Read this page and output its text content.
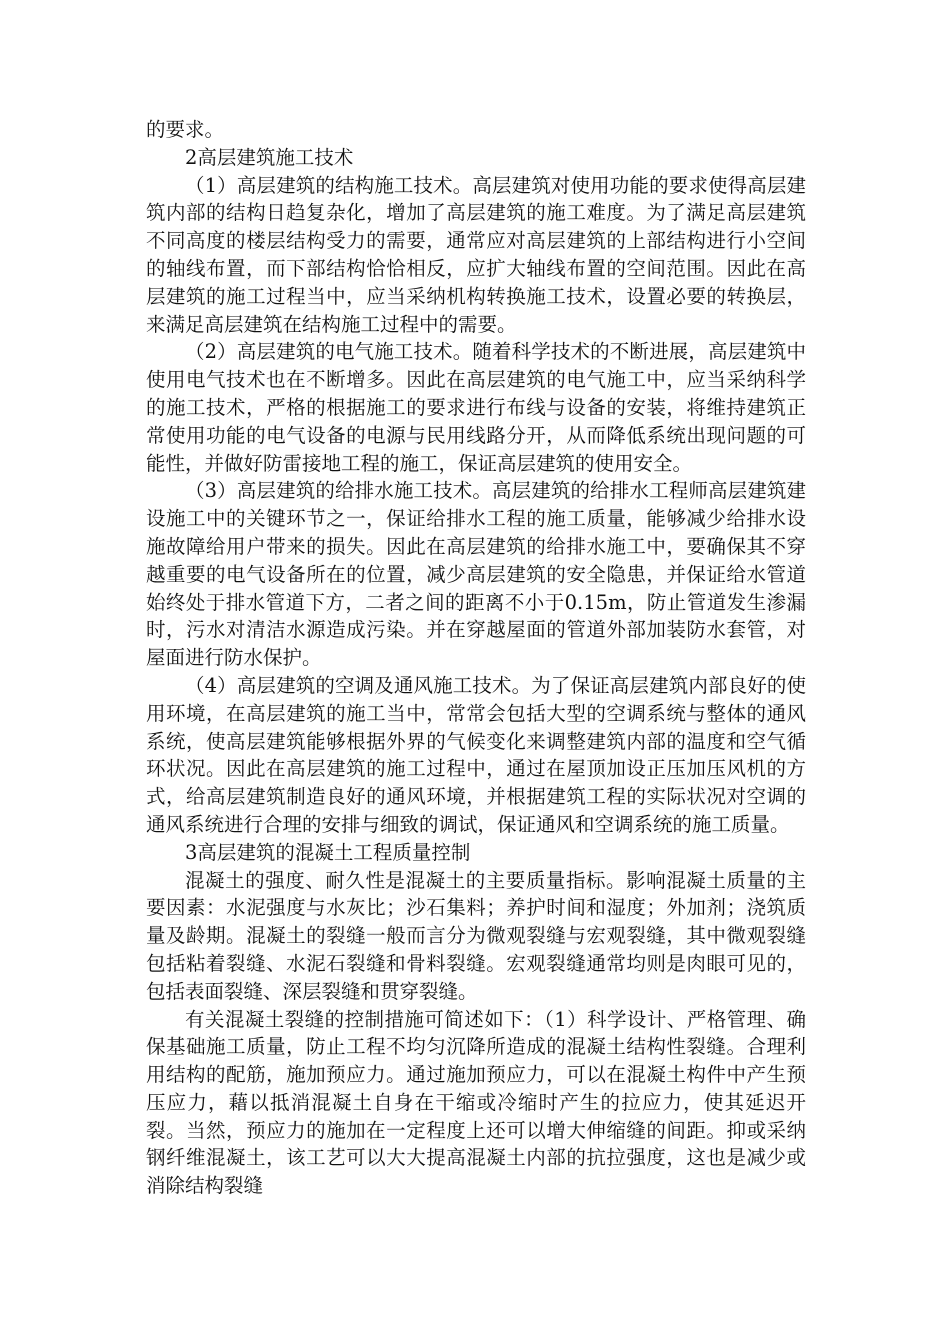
的要求。

2高层建筑施工技术

（1）高层建筑的结构施工技术。高层建筑对使用功能的要求使得高层建筑内部的结构日趋复杂化，增加了高层建筑的施工难度。为了满足高层建筑不同高度的楼层结构受力的需要，通常应对高层建筑的上部结构进行小空间的轴线布置，而下部结构恰恰相反，应扩大轴线布置的空间范围。因此在高层建筑的施工过程当中，应当采纳机构转换施工技术，设置必要的转换层，来满足高层建筑在结构施工过程中的需要。

（2）高层建筑的电气施工技术。随着科学技术的不断进展，高层建筑中使用电气技术也在不断增多。因此在高层建筑的电气施工中，应当采纳科学的施工技术，严格的根据施工的要求进行布线与设备的安装，将维持建筑正常使用功能的电气设备的电源与民用线路分开，从而降低系统出现问题的可能性，并做好防雷接地工程的施工，保证高层建筑的使用安全。

（3）高层建筑的给排水施工技术。高层建筑的给排水工程师高层建筑建设施工中的关键环节之一，保证给排水工程的施工质量，能够减少给排水设施故障给用户带来的损失。因此在高层建筑的给排水施工中，要确保其不穿越重要的电气设备所在的位置，减少高层建筑的安全隐患，并保证给水管道始终处于排水管道下方，二者之间的距离不小于0.15m，防止管道发生渗漏时，污水对清洁水源造成污染。并在穿越屋面的管道外部加装防水套管，对屋面进行防水保护。

（4）高层建筑的空调及通风施工技术。为了保证高层建筑内部良好的使用环境，在高层建筑的施工当中，常常会包括大型的空调系统与整体的通风系统，使高层建筑能够根据外界的气候变化来调整建筑内部的温度和空气循环状况。因此在高层建筑的施工过程中，通过在屋顶加设正压加压风机的方式，给高层建筑制造良好的通风环境，并根据建筑工程的实际状况对空调的通风系统进行合理的安排与细致的调试，保证通风和空调系统的施工质量。

3高层建筑的混凝土工程质量控制

混凝土的强度、耐久性是混凝土的主要质量指标。影响混凝土质量的主要因素：水泥强度与水灰比；沙石集料；养护时间和湿度；外加剂；浇筑质量及龄期。混凝土的裂缝一般而言分为微观裂缝与宏观裂缝，其中微观裂缝包括粘着裂缝、水泥石裂缝和骨料裂缝。宏观裂缝通常均则是肉眼可见的，包括表面裂缝、深层裂缝和贯穿裂缝。

有关混凝土裂缝的控制措施可简述如下：（1）科学设计、严格管理、确保基础施工质量，防止工程不均匀沉降所造成的混凝土结构性裂缝。合理利用结构的配筋，施加预应力。通过施加预应力，可以在混凝土构件中产生预压应力，藉以抵消混凝土自身在干缩或冷缩时产生的拉应力，使其延迟开裂。当然，预应力的施加在一定程度上还可以增大伸缩缝的间距。抑或采纳钢纤维混凝土，该工艺可以大大提高混凝土内部的抗拉强度，这也是减少或消除结构裂缝
